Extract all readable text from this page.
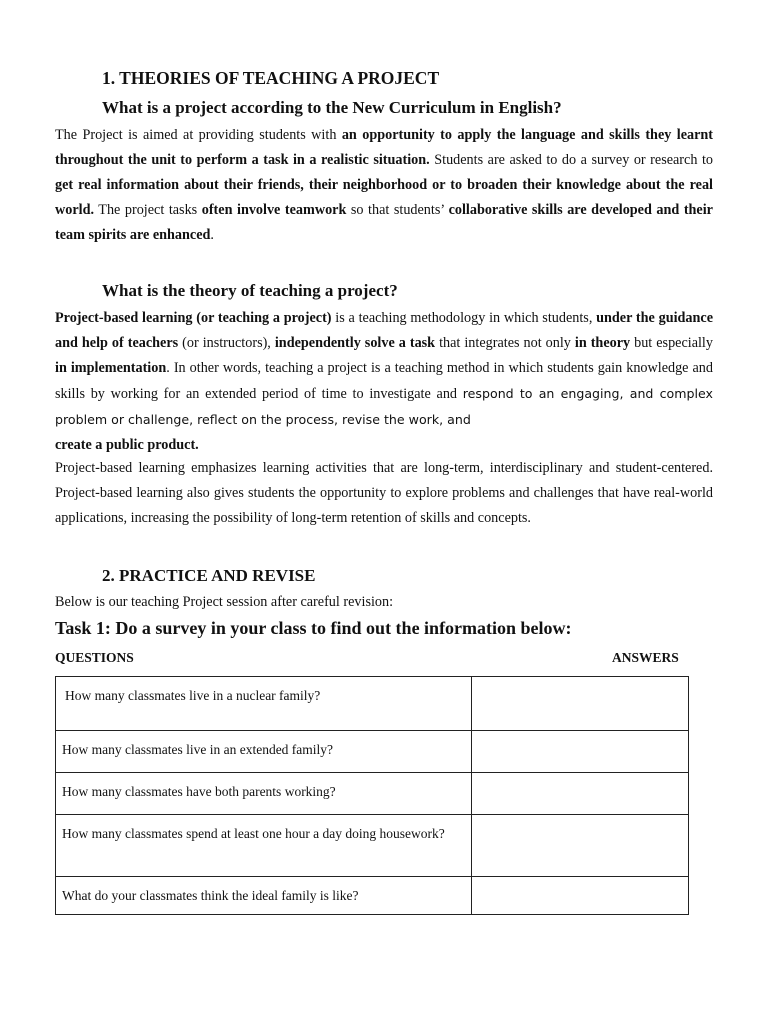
1. THEORIES OF TEACHING A PROJECT
What is a project according to the New Curriculum in English?

The Project is aimed at providing students with an opportunity to apply the language and skills they learnt throughout the unit to perform a task in a realistic situation. Students are asked to do a survey or research to get real information about their friends, their neighborhood or to broaden their knowledge about the real world. The project tasks often involve teamwork so that students’ collaborative skills are developed and their team spirits are enhanced.

What is the theory of teaching a project?
Project-based learning (or teaching a project) is a teaching methodology in which students, under the guidance and help of teachers (or instructors), independently solve a task that integrates not only in theory but especially in implementation. In other words, teaching a project is a teaching method in which students gain knowledge and skills by working for an extended period of time to investigate and respond to an engaging, and complex problem or challenge, reflect on the process, revise the work, and
create a public product.

Project-based learning emphasizes learning activities that are long-term, interdisciplinary and student-centered. Project-based learning also gives students the opportunity to explore problems and challenges that have real-world applications, increasing the possibility of long-term retention of skills and concepts.

2. PRACTICE AND REVISE
Below is our teaching Project session after careful revision:
Task 1: Do a survey in your class to find out the information below:
QUESTIONS	ANSWERS
How many classmates live in a nuclear family?	
How many classmates live in an extended family?	
How many classmates have both parents working?	
How many classmates spend at least one hour a day doing housework?	
What do your classmates think the ideal family is like?	
